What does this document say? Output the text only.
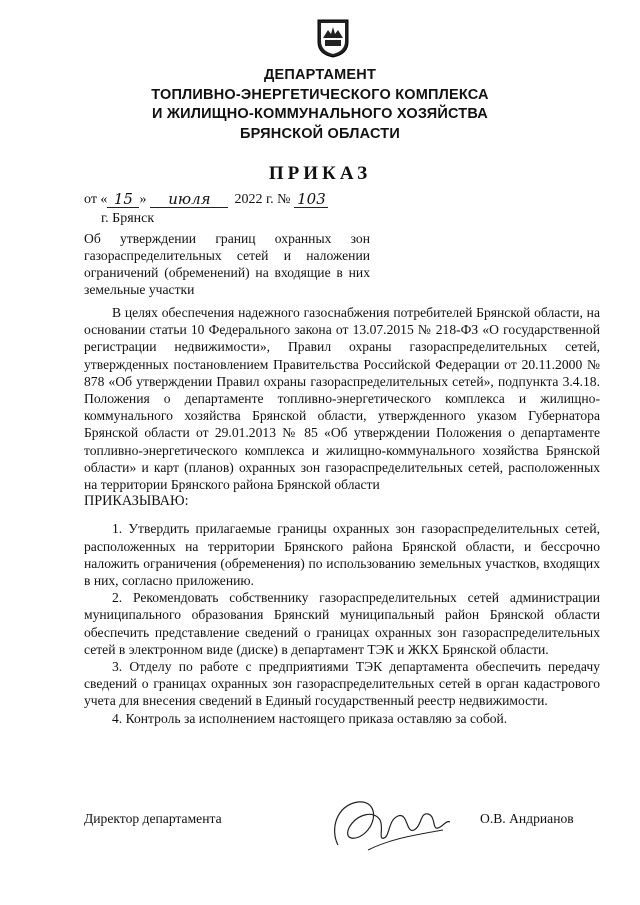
ДЕПАРТАМЕНТ
ТОПЛИВНО-ЭНЕРГЕТИЧЕСКОГО КОМПЛЕКСА
И ЖИЛИЩНО-КОММУНАЛЬНОГО ХОЗЯЙСТВА
БРЯНСКОЙ ОБЛАСТИ
ПРИКАЗ
от « 15 »	июля	2022 г. № 103
г. Брянск
Об утверждении границ охранных зон газораспределительных сетей и наложении ограничений (обременений) на входящие в них земельные участки

В целях обеспечения надежного газоснабжения потребителей Брянской области, на основании статьи 10 Федерального закона от 13.07.2015 № 218-ФЗ «О государственной регистрации недвижимости», Правил охраны газораспределительных сетей, утвержденных постановлением Правительства Российской Федерации от 20.11.2000 № 878 «Об утверждении Правил охраны газораспределительных сетей», подпункта 3.4.18. Положения о департаменте топливно-энергетического комплекса и жилищно-коммунального хозяйства Брянской области, утвержденного указом Губернатора Брянской области от 29.01.2013 № 85 «Об утверждении Положения о департаменте топливно-энергетического комплекса и жилищно-коммунального хозяйства Брянской области» и карт (планов) охранных зон газораспределительных сетей, расположенных на территории Брянского района Брянской области

ПРИКАЗЫВАЮ:

1. Утвердить прилагаемые границы охранных зон газораспределительных сетей, расположенных на территории Брянского района Брянской области, и бессрочно наложить ограничения (обременения) по использованию земельных участков, входящих в них, согласно приложению.

2. Рекомендовать собственнику газораспределительных сетей администрации муниципального образования Брянский муниципальный район Брянской области обеспечить представление сведений о границах охранных зон газораспределительных сетей в электронном виде (диске) в департамент ТЭК и ЖКХ Брянской области.

3. Отделу по работе с предприятиями ТЭК департамента обеспечить передачу сведений о границах охранных зон газораспределительных сетей в орган кадастрового учета для внесения сведений в Единый государственный реестр недвижимости.

4. Контроль за исполнением настоящего приказа оставляю за собой.

Директор департамента	О.В. Андрианов
